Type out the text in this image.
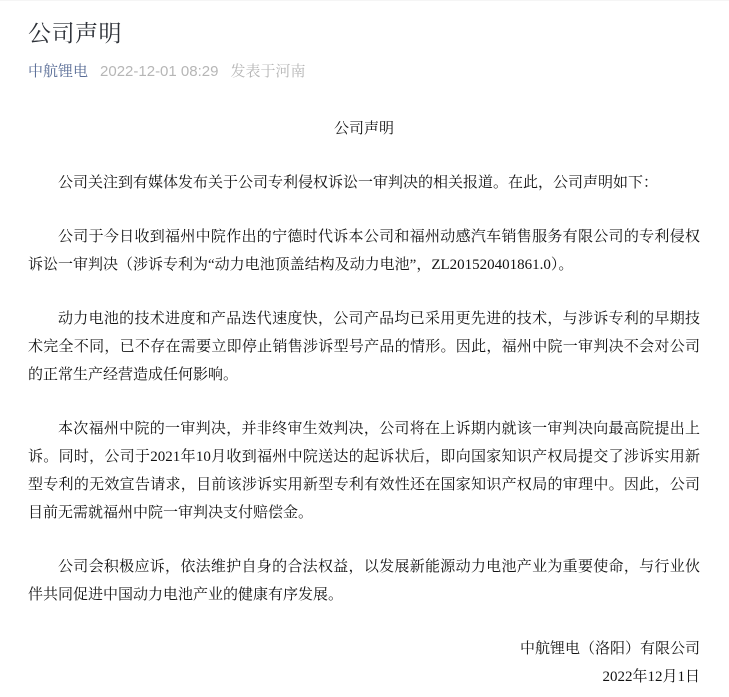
公司声明
中航锂电 2022-12-01 08:29 发表于河南
公司声明

公司关注到有媒体发布关于公司专利侵权诉讼一审判决的相关报道。在此，公司声明如下：

公司于今日收到福州中院作出的宁德时代诉本公司和福州动感汽车销售服务有限公司的专利侵权诉讼一审判决（涉诉专利为“动力电池顶盖结构及动力电池”，ZL201520401861.0）。

动力电池的技术进度和产品迭代速度快，公司产品均已采用更先进的技术，与涉诉专利的早期技术完全不同，已不存在需要立即停止销售涉诉型号产品的情形。因此，福州中院一审判决不会对公司的正常生产经营造成任何影响。

本次福州中院的一审判决，并非终审生效判决，公司将在上诉期内就该一审判决向最高院提出上诉。同时，公司于2021年10月收到福州中院送达的起诉状后，即向国家知识产权局提交了涉诉实用新型专利的无效宣告请求，目前该涉诉实用新型专利有效性还在国家知识产权局的审理中。因此，公司目前无需就福州中院一审判决支付赔偿金。

公司会积极应诉，依法维护自身的合法权益，以发展新能源动力电池产业为重要使命，与行业伙伴共同促进中国动力电池产业的健康有序发展。

中航锂电（洛阳）有限公司
2022年12月1日
